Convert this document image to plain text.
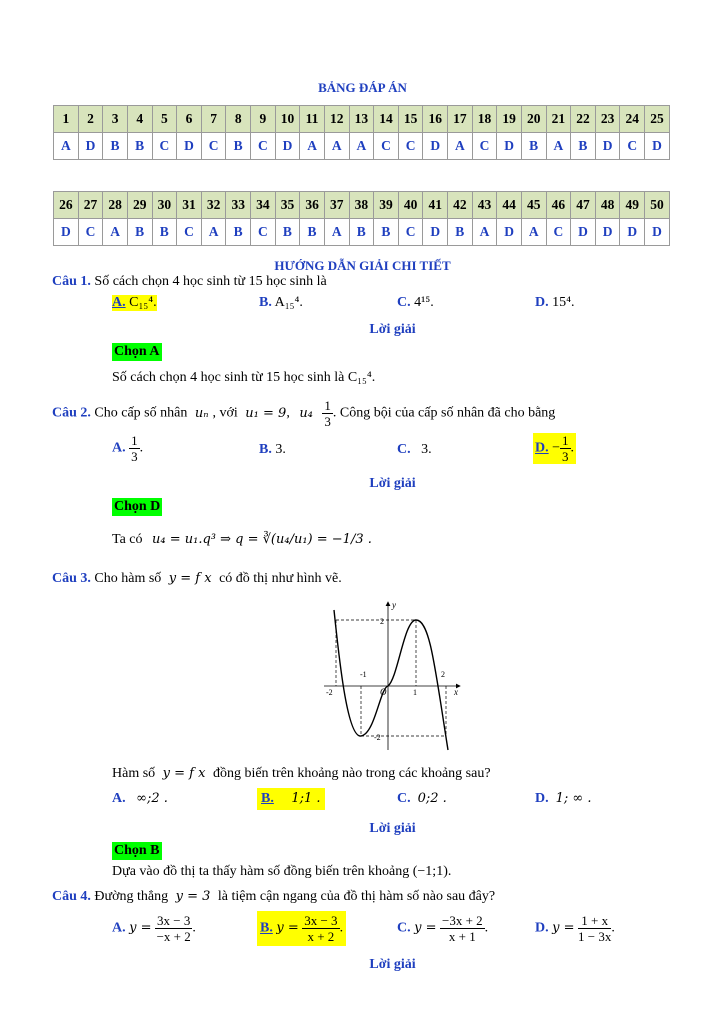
BẢNG ĐÁP ÁN
1	2	3	4	5	6	7	8	9	10	11	12	13	14	15	16	17	18	19	20	21	22	23	24	25
A	D	B	B	C	D	C	B	C	D	A	A	A	C	C	D	A	C	D	B	A	B	D	C	D
26	27	28	29	30	31	32	33	34	35	36	37	38	39	40	41	42	43	44	45	46	47	48	49	50
D	C	A	B	B	C	A	B	C	B	B	A	B	B	C	D	B	A	D	A	C	D	D	D	D
HƯỚNG DẪN GIẢI CHI TIẾT
Câu 1. Số cách chọn 4 học sinh từ 15 học sinh là
A. C₁₅⁴.	B. A₁₅⁴.	C. 4¹⁵.	D. 15⁴.
Lời giải
Chọn A
Số cách chọn 4 học sinh từ 15 học sinh là C₁₅⁴.
Câu 2. Cho cấp số nhân uₙ , với u₁ = 9, $u_4 \frac{1}{3}$ . Công bội của cấp số nhân đã cho bằng
A. $\frac{1}{3}$ .	B. 3.	C. 3.	D. − $\frac{1}{3}$ .
Lời giải
Chọn D
Ta có u₄ = u₁.q³ ⇒ q = ∛(u₄/u₁) = −1/3 .
Câu 3. Cho hàm số y = f x có đồ thị như hình vẽ.
y
x
O
-2
-1
1
2
2
-2
Hàm số y = f x đồng biến trên khoảng nào trong các khoảng sau?
A. ∞;2 .	B. 1;1 .	C. 0;2 .	D. 1; ∞ .
Lời giải
Chọn B
Dựa vào đồ thị ta thấy hàm số đồng biến trên khoảng (−1;1).
Câu 4. Đường thẳng y = 3 là tiệm cận ngang của đồ thị hàm số nào sau đây?
A. $y = \frac{3x - 3}{-x + 2}$ .	B. $y = \frac{3x - 3}{x + 2}$ .	C. $y = \frac{-3x + 2}{x + 1}$ .	D. $y = \frac{1 + x}{1 - 3x}$ .
Lời giải
